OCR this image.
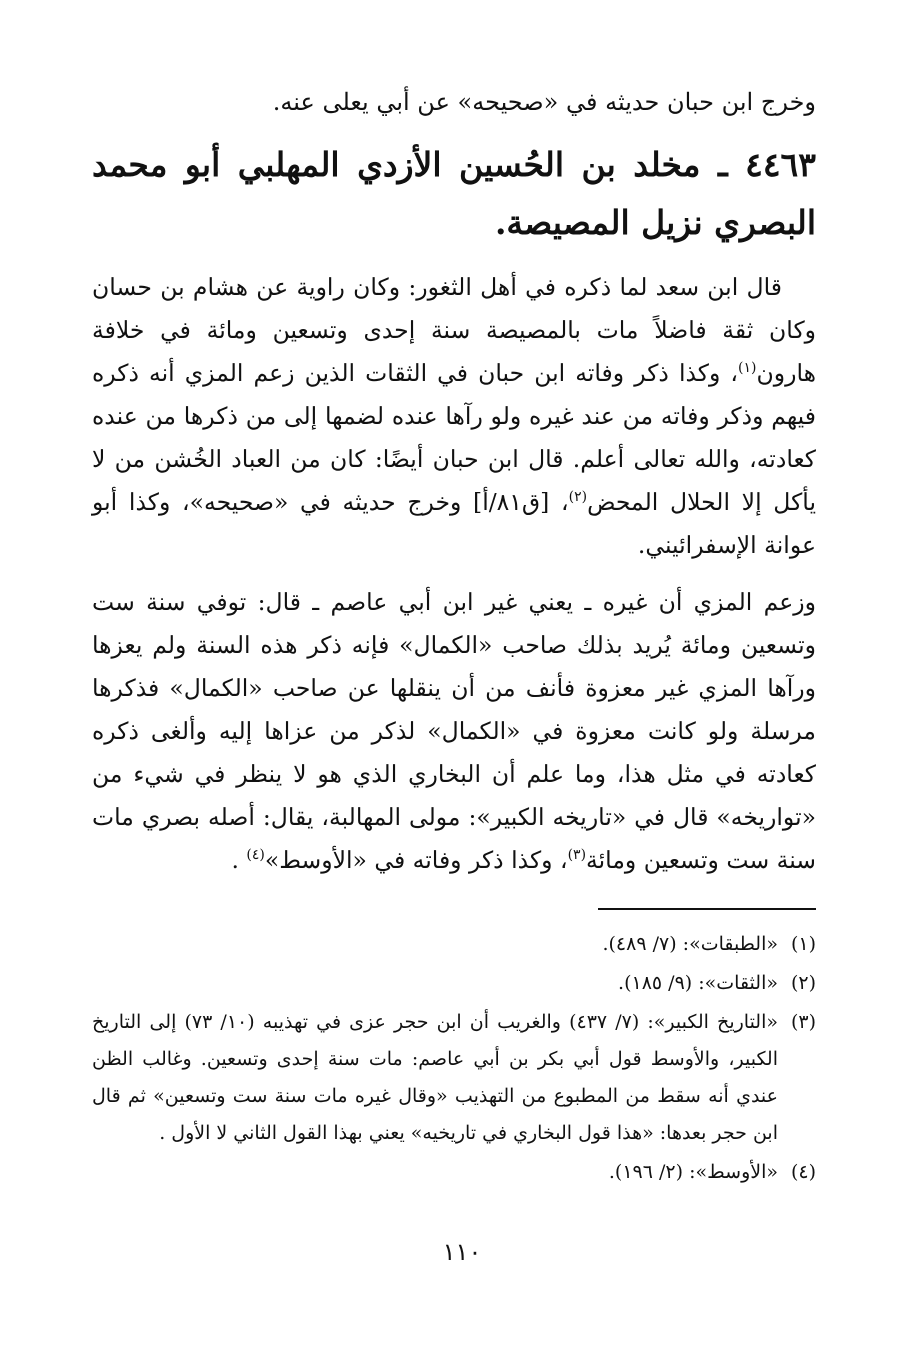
وخرج ابن حبان حديثه في «صحيحه» عن أبي يعلى عنه.

٤٤٦٣ ـ مخلد بن الحُسين الأزدي المهلبي أبو محمد البصري نزيل المصيصة.

قال ابن سعد لما ذكره في أهل الثغور: وكان راوية عن هشام بن حسان وكان ثقة فاضلاً مات بالمصيصة سنة إحدى وتسعين ومائة في خلافة هارون$^{(١)}$، وكذا ذكر وفاته ابن حبان في الثقات الذين زعم المزي أنه ذكره فيهم وذكر وفاته من عند غيره ولو رآها عنده لضمها إلى من ذكرها من عنده كعادته، والله تعالى أعلم. قال ابن حبان أيضًا: كان من العباد الخُشن من لا يأكل إلا الحلال المحض$^{(٢)}$، [ق٨١/أ] وخرج حديثه في «صحيحه»، وكذا أبو عوانة الإسفرائيني.

وزعم المزي أن غيره ـ يعني غير ابن أبي عاصم ـ قال: توفي سنة ست وتسعين ومائة يُريد بذلك صاحب «الكمال» فإنه ذكر هذه السنة ولم يعزها ورآها المزي غير معزوة فأنف من أن ينقلها عن صاحب «الكمال» فذكرها مرسلة ولو كانت معزوة في «الكمال» لذكر من عزاها إليه وألغى ذكره كعادته في مثل هذا، وما علم أن البخاري الذي هو لا ينظر في شيء من «تواريخه» قال في «تاريخه الكبير»: مولى المهالبة، يقال: أصله بصري مات سنة ست وتسعين ومائة$^{(٣)}$، وكذا ذكر وفاته في «الأوسط»$^{(٤)}$ .

(١)
«الطبقات»: (٧/ ٤٨٩).
(٢)
«الثقات»: (٩/ ١٨٥).
(٣)
«التاريخ الكبير»: (٧/ ٤٣٧) والغريب أن ابن حجر عزى في تهذيبه (١٠/ ٧٣) إلى التاريخ الكبير، والأوسط قول أبي بكر بن أبي عاصم: مات سنة إحدى وتسعين. وغالب الظن عندي أنه سقط من المطبوع من التهذيب «وقال غيره مات سنة ست وتسعين» ثم قال ابن حجر بعدها: «هذا قول البخاري في تاريخيه» يعني بهذا القول الثاني لا الأول .
(٤)
«الأوسط»: (٢/ ١٩٦).
١١٠
